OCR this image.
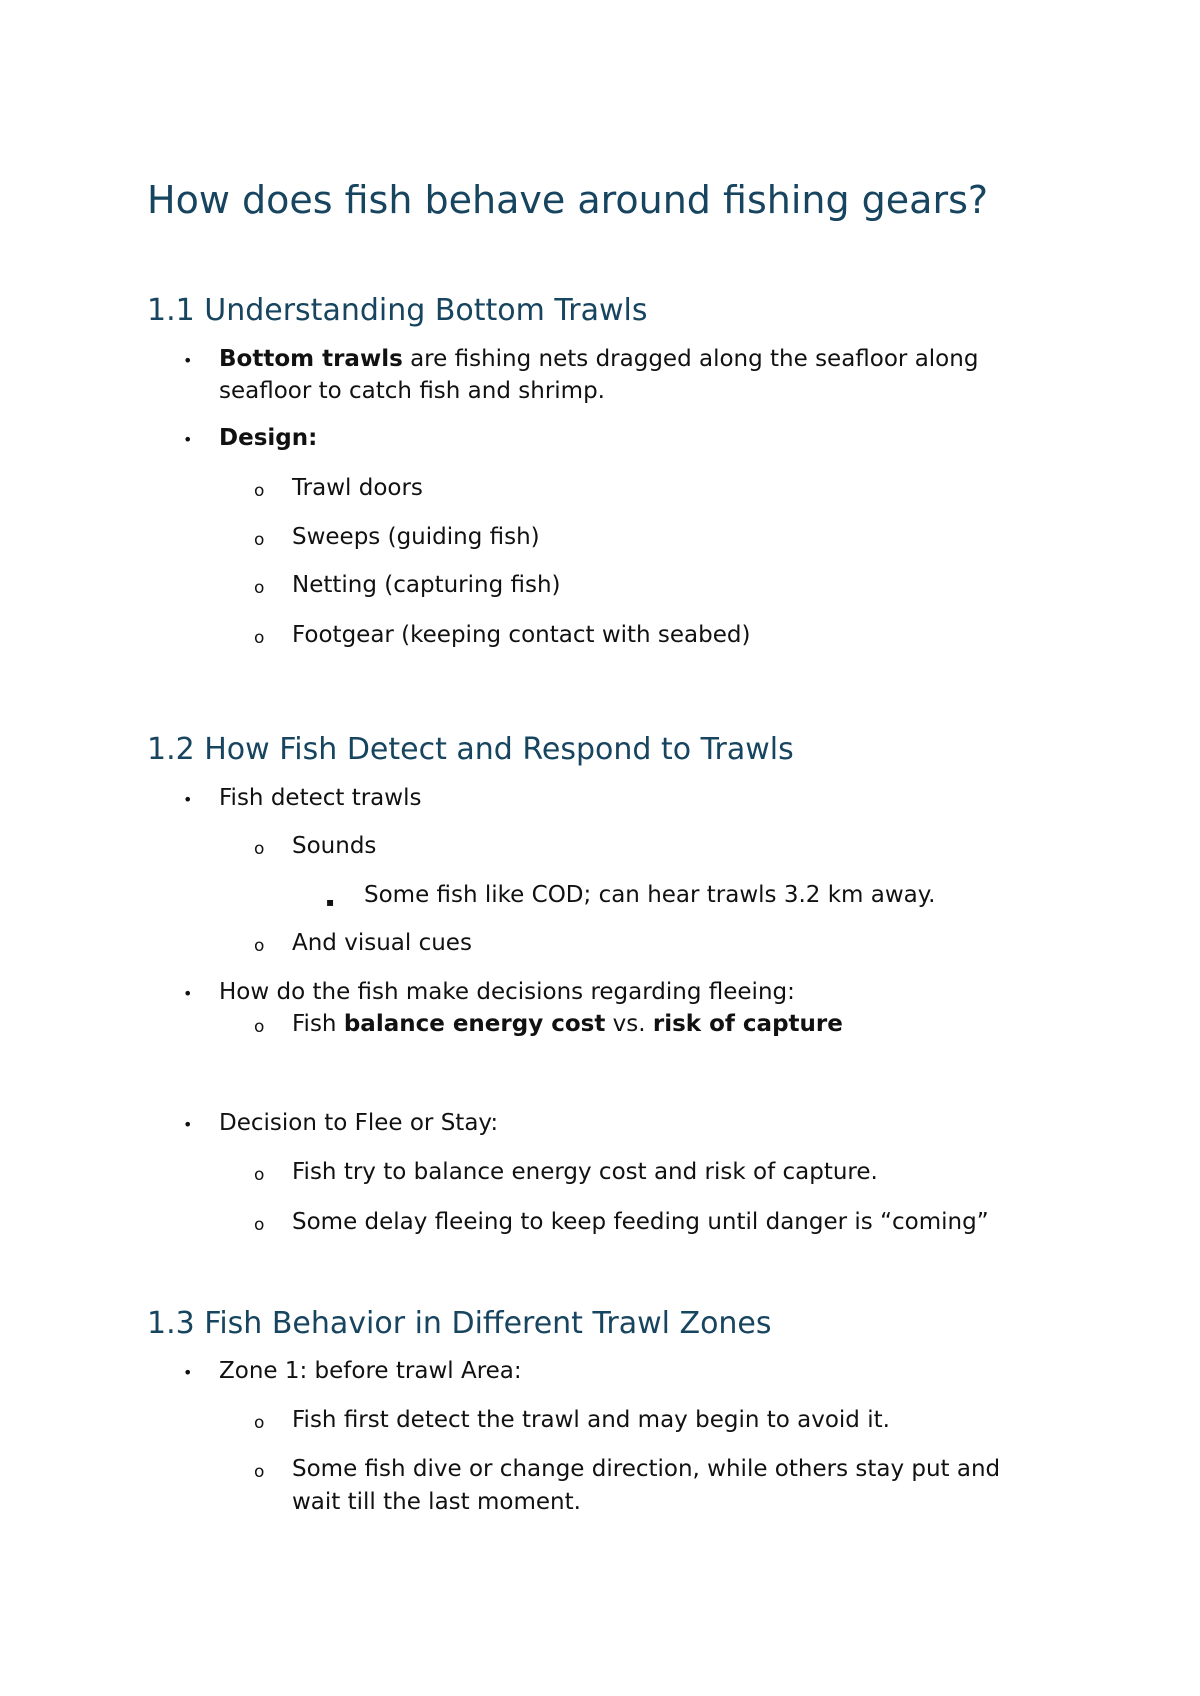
How does fish behave around fishing gears?
1.1 Understanding Bottom Trawls
• Bottom trawls are fishing nets dragged along the seafloor along
seafloor to catch fish and shrimp.
• Design:
o Trawl doors
o Sweeps (guiding fish)
o Netting (capturing fish)
o Footgear (keeping contact with seabed)
1.2 How Fish Detect and Respond to Trawls
• Fish detect trawls
o Sounds
▪ Some fish like COD; can hear trawls 3.2 km away.
o And visual cues
• How do the fish make decisions regarding fleeing:
o Fish balance energy cost vs. risk of capture
• Decision to Flee or Stay:
o Fish try to balance energy cost and risk of capture.
o Some delay fleeing to keep feeding until danger is “coming”
1.3 Fish Behavior in Different Trawl Zones
• Zone 1: before trawl Area:
o Fish first detect the trawl and may begin to avoid it.
o Some fish dive or change direction, while others stay put and
wait till the last moment.
